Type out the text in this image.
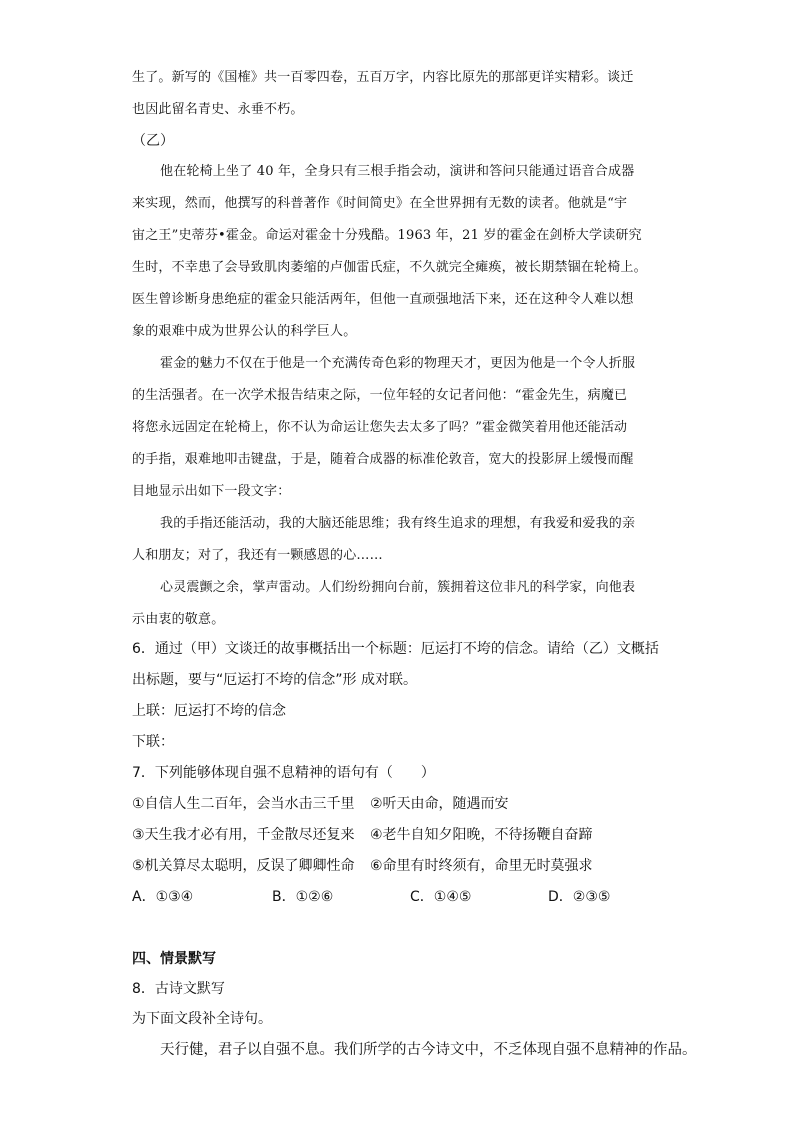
生了。新写的《国榷》共一百零四卷，五百万字，内容比原先的那部更详实精彩。谈迁
也因此留名青史、永垂不朽。
（乙）
他在轮椅上坐了 40 年，全身只有三根手指会动，演讲和答问只能通过语音合成器
来实现，然而，他撰写的科普著作《时间简史》在全世界拥有无数的读者。他就是“宇
宙之王”史蒂芬•霍金。命运对霍金十分残酷。1963 年，21 岁的霍金在剑桥大学读研究
生时，不幸患了会导致肌肉萎缩的卢伽雷氏症，不久就完全瘫痪，被长期禁锢在轮椅上。
医生曾诊断身患绝症的霍金只能活两年，但他一直顽强地活下来，还在这种令人难以想
象的艰难中成为世界公认的科学巨人。
霍金的魅力不仅在于他是一个充满传奇色彩的物理天才，更因为他是一个令人折服
的生活强者。在一次学术报告结束之际，一位年轻的女记者问他：“霍金先生，病魔已
将您永远固定在轮椅上，你不认为命运让您失去太多了吗？”霍金微笑着用他还能活动
的手指，艰难地叩击键盘，于是，随着合成器的标准伦敦音，宽大的投影屏上缓慢而醒
目地显示出如下一段文字：
我的手指还能活动，我的大脑还能思维；我有终生追求的理想，有我爱和爱我的亲
人和朋友；对了，我还有一颗感恩的心……
心灵震颤之余，掌声雷动。人们纷纷拥向台前，簇拥着这位非凡的科学家，向他表
示由衷的敬意。
6．通过（甲）文谈迁的故事概括出一个标题：厄运打不垮的信念。请给（乙）文概括
出标题，要与“厄运打不垮的信念”形 成对联。
上联：厄运打不垮的信念
下联：
7．下列能够体现自强不息精神的语句有（　　）
①自信人生二百年，会当水击三千里 ②听天由命，随遇而安
③天生我才必有用，千金散尽还复来 ④老牛自知夕阳晚，不待扬鞭自奋蹄
⑤机关算尽太聪明，反误了卿卿性命 ⑥命里有时终须有，命里无时莫强求
A．①③④	B．①②⑥	C．①④⑤	D．②③⑤
四、情景默写
8．古诗文默写
为下面文段补全诗句。
天行健，君子以自强不息。我们所学的古今诗文中，不乏体现自强不息精神的作品。
